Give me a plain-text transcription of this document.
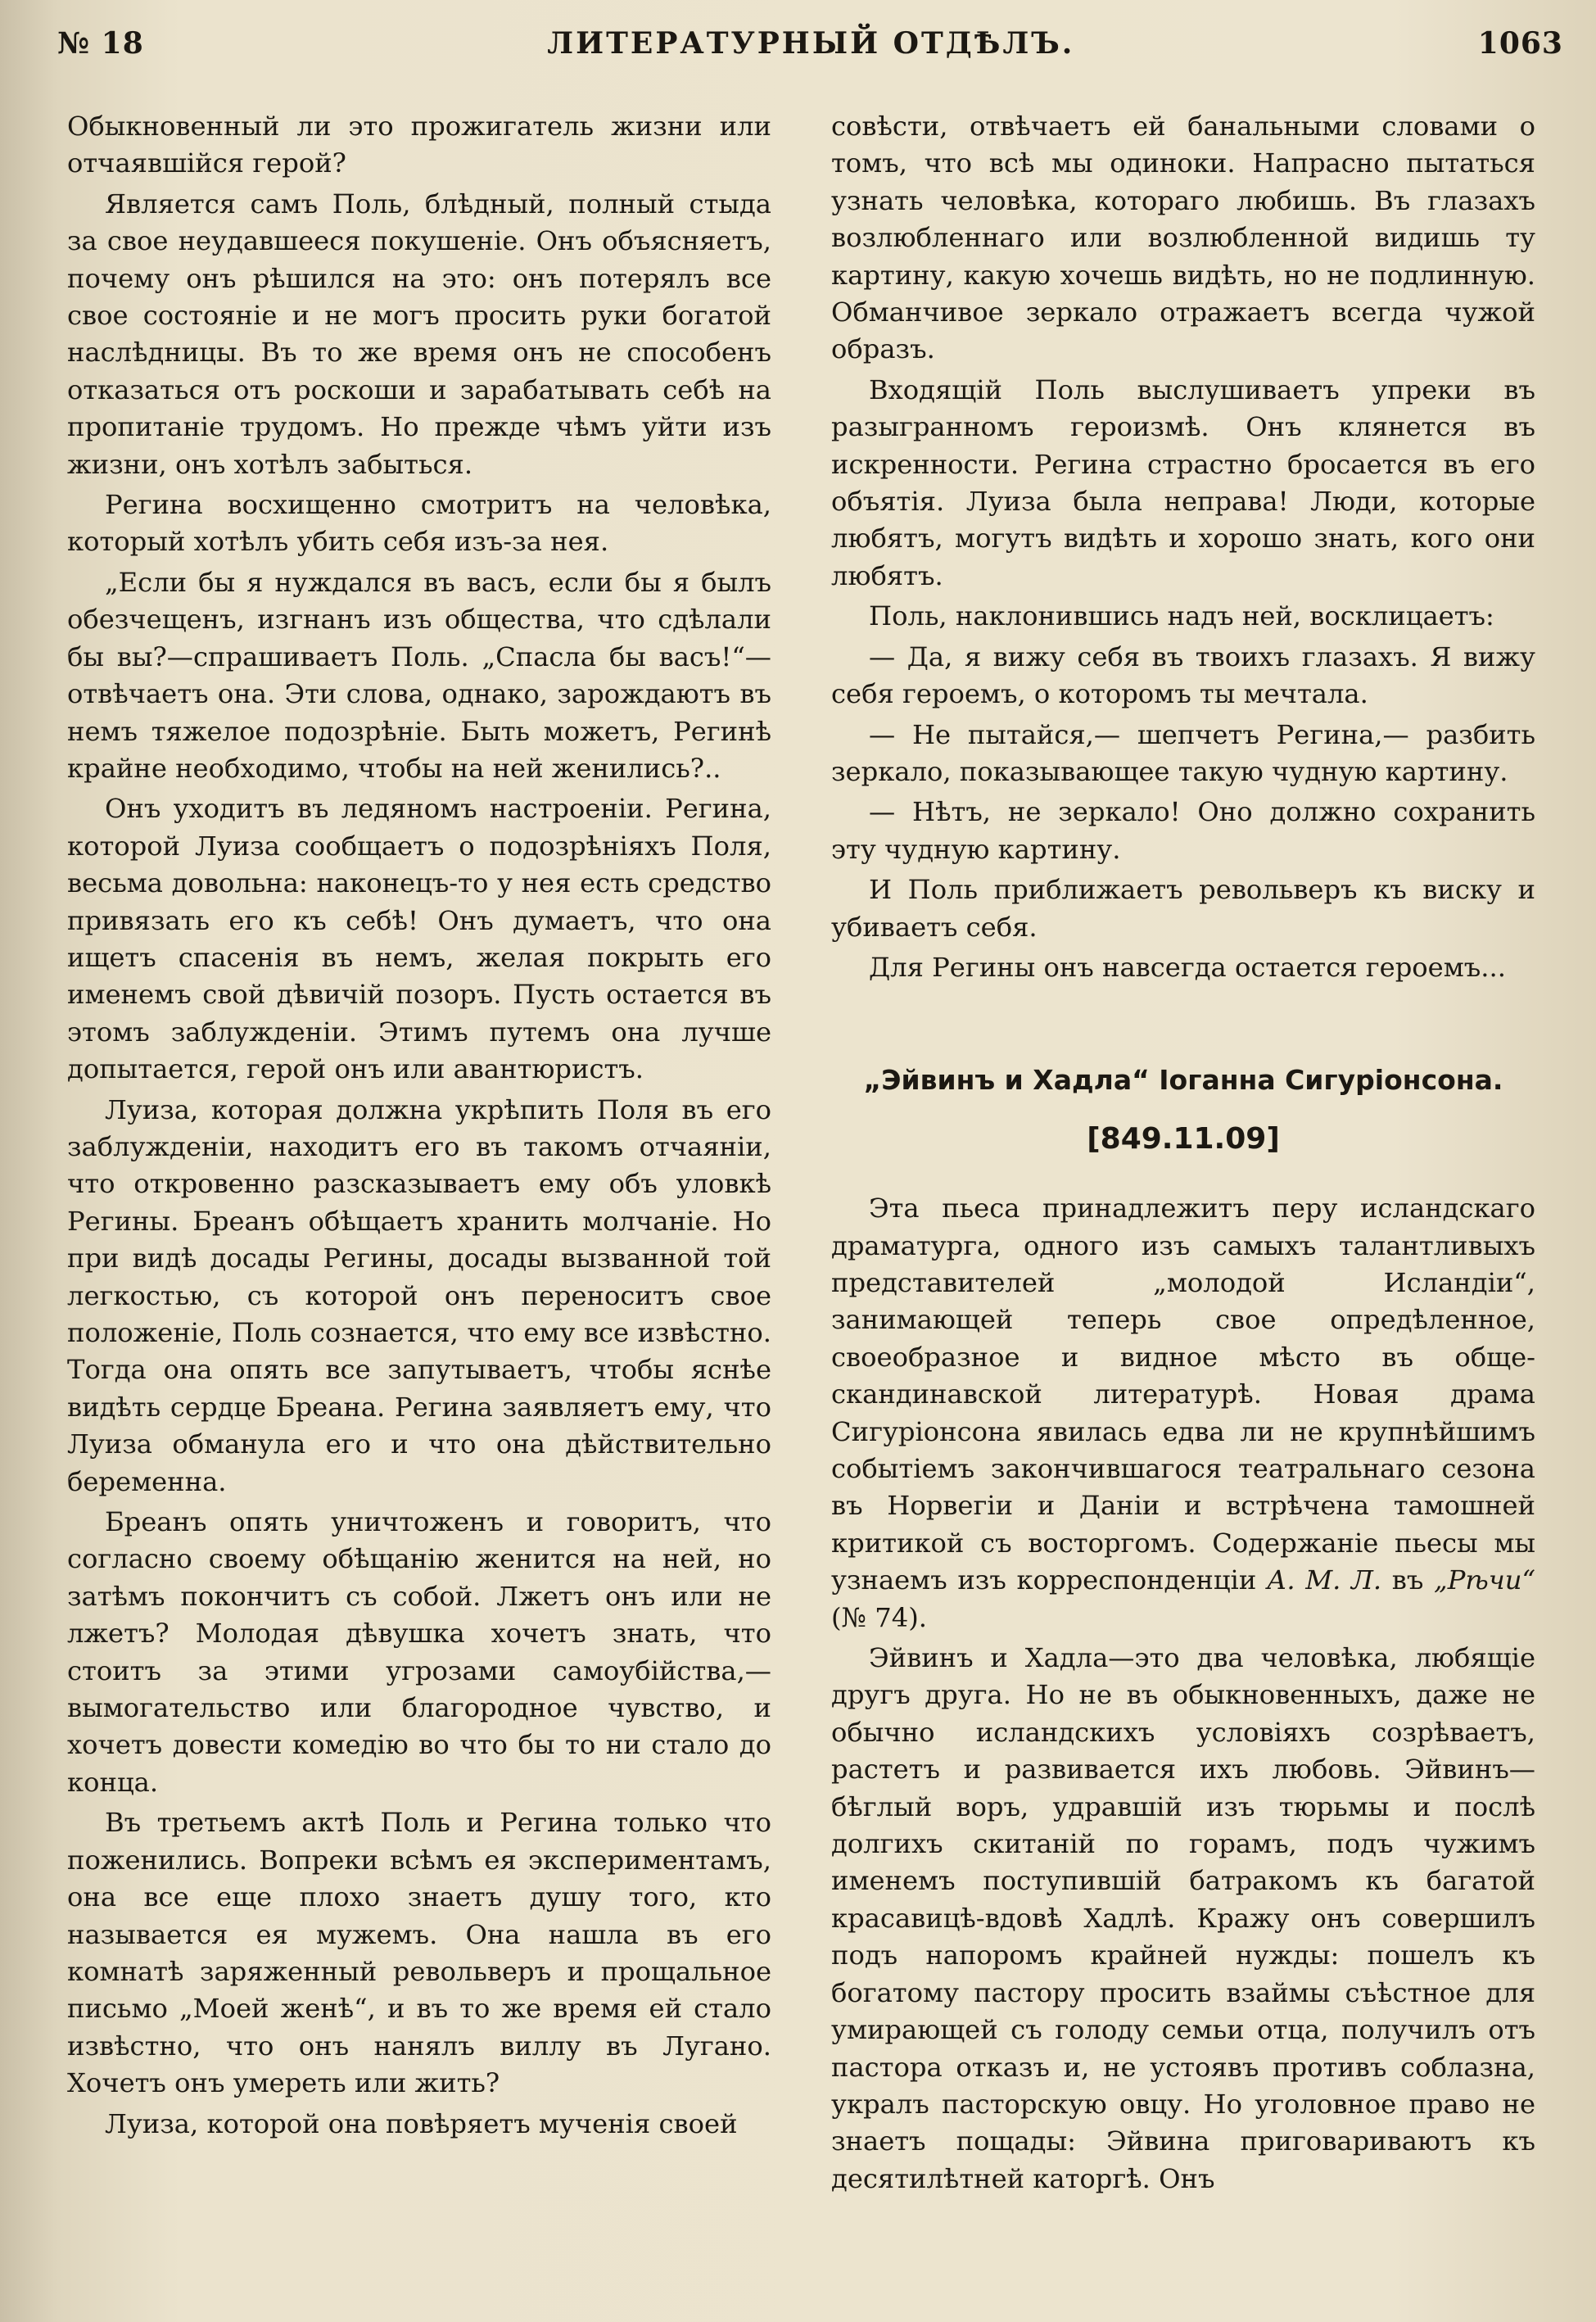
№ 18	ЛИТЕРАТУРНЫЙ ОТДѢЛЪ.	1063

Обыкновенный ли это прожигатель жизни или отчаявшійся герой?

Является самъ Поль, блѣдный, полный стыда за свое неудавшееся покушеніе. Онъ объясняетъ, почему онъ рѣшился на это: онъ потерялъ все свое состояніе и не могъ просить руки богатой наслѣдницы. Въ то же время онъ не способенъ отказаться отъ роскоши и зарабатывать себѣ на пропитаніе трудомъ. Но прежде чѣмъ уйти изъ жизни, онъ хотѣлъ забыться.

Регина восхищенно смотритъ на человѣка, который хотѣлъ убить себя изъ-за нея.

„Если бы я нуждался въ васъ, если бы я былъ обезчещенъ, изгнанъ изъ общества, что сдѣлали бы вы?—спрашиваетъ Поль. „Спасла бы васъ!“—отвѣчаетъ она. Эти слова, однако, зарождаютъ въ немъ тяжелое подозрѣніе. Быть можетъ, Регинѣ крайне необходимо, чтобы на ней женились?..

Онъ уходитъ въ ледяномъ настроеніи. Регина, которой Луиза сообщаетъ о подозрѣніяхъ Поля, весьма довольна: наконецъ-то у нея есть средство привязать его къ себѣ! Онъ думаетъ, что она ищетъ спасенія въ немъ, желая покрыть его именемъ свой дѣвичій позоръ. Пусть остается въ этомъ заблужденіи. Этимъ путемъ она лучше допытается, герой онъ или авантюристъ.

Луиза, которая должна укрѣпить Поля въ его заблужденіи, находитъ его въ такомъ отчаяніи, что откровенно разсказываетъ ему объ уловкѣ Регины. Бреанъ обѣщаетъ хранить молчаніе. Но при видѣ досады Регины, досады вызванной той легкостью, съ которой онъ переноситъ свое положеніе, Поль сознается, что ему все извѣстно. Тогда она опять все запутываетъ, чтобы яснѣе видѣть сердце Бреана. Регина заявляетъ ему, что Луиза обманула его и что она дѣйствительно беременна.

Бреанъ опять уничтоженъ и говоритъ, что согласно своему обѣщанію женится на ней, но затѣмъ покончитъ съ собой. Лжетъ онъ или не лжетъ? Молодая дѣвушка хочетъ знать, что стоитъ за этими угрозами самоубійства,— вымогательство или благородное чувство, и хочетъ довести комедію во что бы то ни стало до конца.

Въ третьемъ актѣ Поль и Регина только что поженились. Вопреки всѣмъ ея экспериментамъ, она все еще плохо знаетъ душу того, кто называется ея мужемъ. Она нашла въ его комнатѣ заряженный револьверъ и прощальное письмо „Моей женѣ“, и въ то же время ей стало извѣстно, что онъ нанялъ виллу въ Лугано. Хочетъ онъ умереть или жить?

Луиза, которой она повѣряетъ мученія своей

совѣсти, отвѣчаетъ ей банальными словами о томъ, что всѣ мы одиноки. Напрасно пытаться узнать человѣка, котораго любишь. Въ глазахъ возлюбленнаго или возлюбленной видишь ту картину, какую хочешь видѣть, но не подлинную. Обманчивое зеркало отражаетъ всегда чужой образъ.

Входящій Поль выслушиваетъ упреки въ разыгранномъ героизмѣ. Онъ клянется въ искренности. Регина страстно бросается въ его объятія. Луиза была неправа! Люди, которые любятъ, могутъ видѣть и хорошо знать, кого они любятъ.

Поль, наклонившись надъ ней, восклицаетъ:

— Да, я вижу себя въ твоихъ глазахъ. Я вижу себя героемъ, о которомъ ты мечтала.

— Не пытайся,— шепчетъ Регина,— разбить зеркало, показывающее такую чудную картину.

— Нѣтъ, не зеркало! Оно должно сохранить эту чудную картину.

И Поль приближаетъ револьверъ къ виску и убиваетъ себя.

Для Регины онъ навсегда остается героемъ...

„Эйвинъ и Хадла“ Іоганна Сигуріонсона.
[849.11.09]

Эта пьеса принадлежитъ перу исландскаго драматурга, одного изъ самыхъ талантливыхъ представителей „молодой Исландіи“, занимающей теперь свое опредѣленное, своеобразное и видное мѣсто въ обще-скандинавской литературѣ. Новая драма Сигуріонсона явилась едва ли не крупнѣйшимъ событіемъ закончившагося театральнаго сезона въ Норвегіи и Даніи и встрѣчена тамошней критикой съ восторгомъ. Содержаніе пьесы мы узнаемъ изъ корреспонденціи А. М. Л. въ „Рѣчи“ (№ 74).

Эйвинъ и Хадла—это два человѣка, любящіе другъ друга. Но не въ обыкновенныхъ, даже не обычно исландскихъ условіяхъ созрѣваетъ, растетъ и развивается ихъ любовь. Эйвинъ—бѣглый воръ, удравшій изъ тюрьмы и послѣ долгихъ скитаній по горамъ, подъ чужимъ именемъ поступившій батракомъ къ багатой красавицѣ-вдовѣ Хадлѣ. Кражу онъ совершилъ подъ напоромъ крайней нужды: пошелъ къ богатому пастору просить взаймы съѣстное для умирающей съ голоду семьи отца, получилъ отъ пастора отказъ и, не устоявъ противъ соблазна, укралъ пасторскую овцу. Но уголовное право не знаетъ пощады: Эйвина приговариваютъ къ десятилѣтней каторгѣ. Онъ
